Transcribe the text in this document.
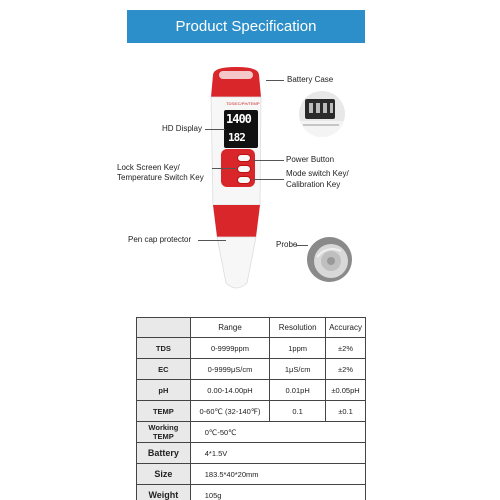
Product Specification
TDS/EC/PH/TEMP
1400
182
Battery Case
HD Display
Lock Screen Key/
Temperature Switch Key
Power Button
Mode switch Key/
Calibration Key
Pen cap protector
Probe
	Range	Resolution	Accuracy
TDS	0-9999ppm	1ppm	±2%
EC	0-9999μS/cm	1μS/cm	±2%
pH	0.00-14.00pH	0.01pH	±0.05pH
TEMP	0-60℃ (32-140℉)	0.1	±0.1
Working TEMP	0℃-50℃		
Battery	4*1.5V		
Size	183.5*40*20mm		
Weight	105g		
